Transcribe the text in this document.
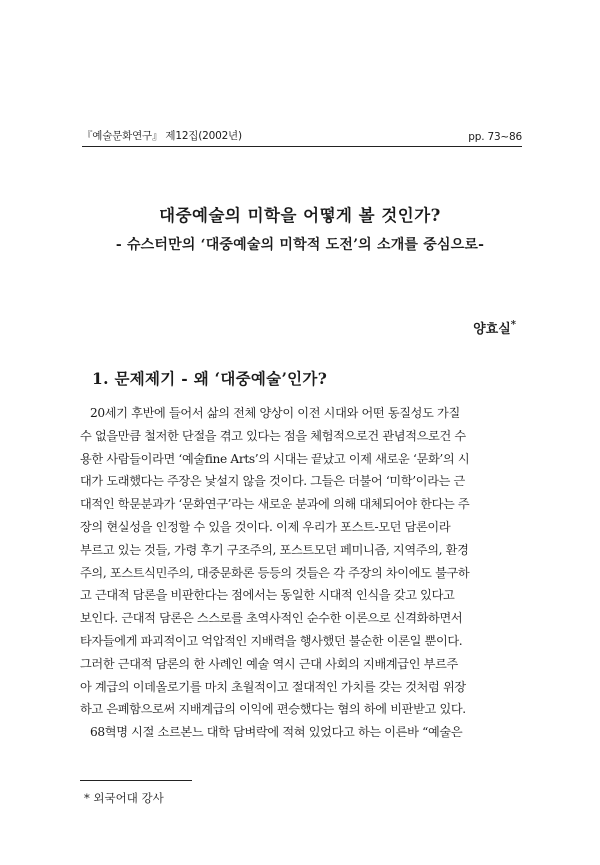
『예술문화연구』 제12집(2002년)	pp. 73~86
대중예술의 미학을 어떻게 볼 것인가?
- 슈스터만의 ‘대중예술의 미학적 도전’의 소개를 중심으로-
양효실*
1. 문제제기 - 왜 ‘대중예술’인가?
20세기 후반에 들어서 삶의 전체 양상이 이전 시대와 어떤 동질성도 가질
수 없을만큼 철저한 단절을 겪고 있다는 점을 체험적으로건 관념적으로건 수
용한 사람들이라면 ‘예술fine Arts’의 시대는 끝났고 이제 새로운 ‘문화’의 시
대가 도래했다는 주장은 낯설지 않을 것이다. 그들은 더불어 ‘미학’이라는 근
대적인 학문분과가 ‘문화연구’라는 새로운 분과에 의해 대체되어야 한다는 주
장의 현실성을 인정할 수 있을 것이다. 이제 우리가 포스트-모던 담론이라
부르고 있는 것들, 가령 후기 구조주의, 포스트모던 페미니즘, 지역주의, 환경
주의, 포스트식민주의, 대중문화론 등등의 것들은 각 주장의 차이에도 불구하
고 근대적 담론을 비판한다는 점에서는 동일한 시대적 인식을 갖고 있다고
보인다. 근대적 담론은 스스로를 초역사적인 순수한 이론으로 신격화하면서
타자들에게 파괴적이고 억압적인 지배력을 행사했던 불순한 이론일 뿐이다.
그러한 근대적 담론의 한 사례인 예술 역시 근대 사회의 지배계급인 부르주
아 계급의 이데올로기를 마치 초월적이고 절대적인 가치를 갖는 것처럼 위장
하고 은폐함으로써 지배계급의 이익에 편승했다는 혐의 하에 비판받고 있다.
68혁명 시절 소르본느 대학 담벼락에 적혀 있었다고 하는 이른바 “예술은
* 외국어대 강사
